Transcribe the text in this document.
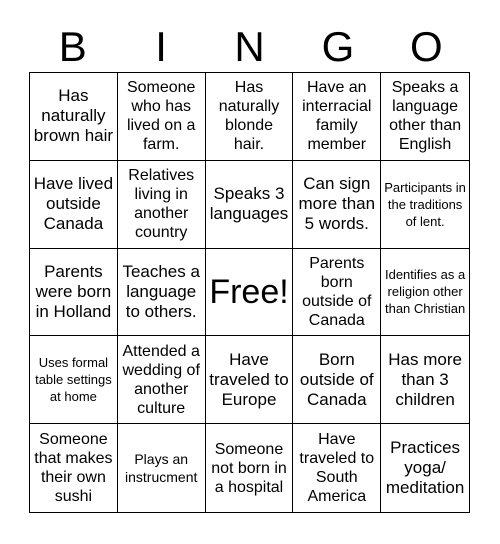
B	I	N	G	O
Has naturally brown hair
Someone who has lived on a farm.
Has naturally blonde hair.
Have an interracial family member
Speaks a language other than English
Have lived outside Canada
Relatives living in another country
Speaks 3 languages
Can sign more than 5 words.
Participants in the traditions of lent.
Parents were born in Holland
Teaches a language to others.
Free!
Parents born outside of Canada
Identifies as a religion other than Christian
Uses formal table settings at home
Attended a wedding of another culture
Have traveled to Europe
Born outside of Canada
Has more than 3 children
Someone that makes their own sushi
Plays an instrucment
Someone not born in a hospital
Have traveled to South America
Practices yoga/ meditation
